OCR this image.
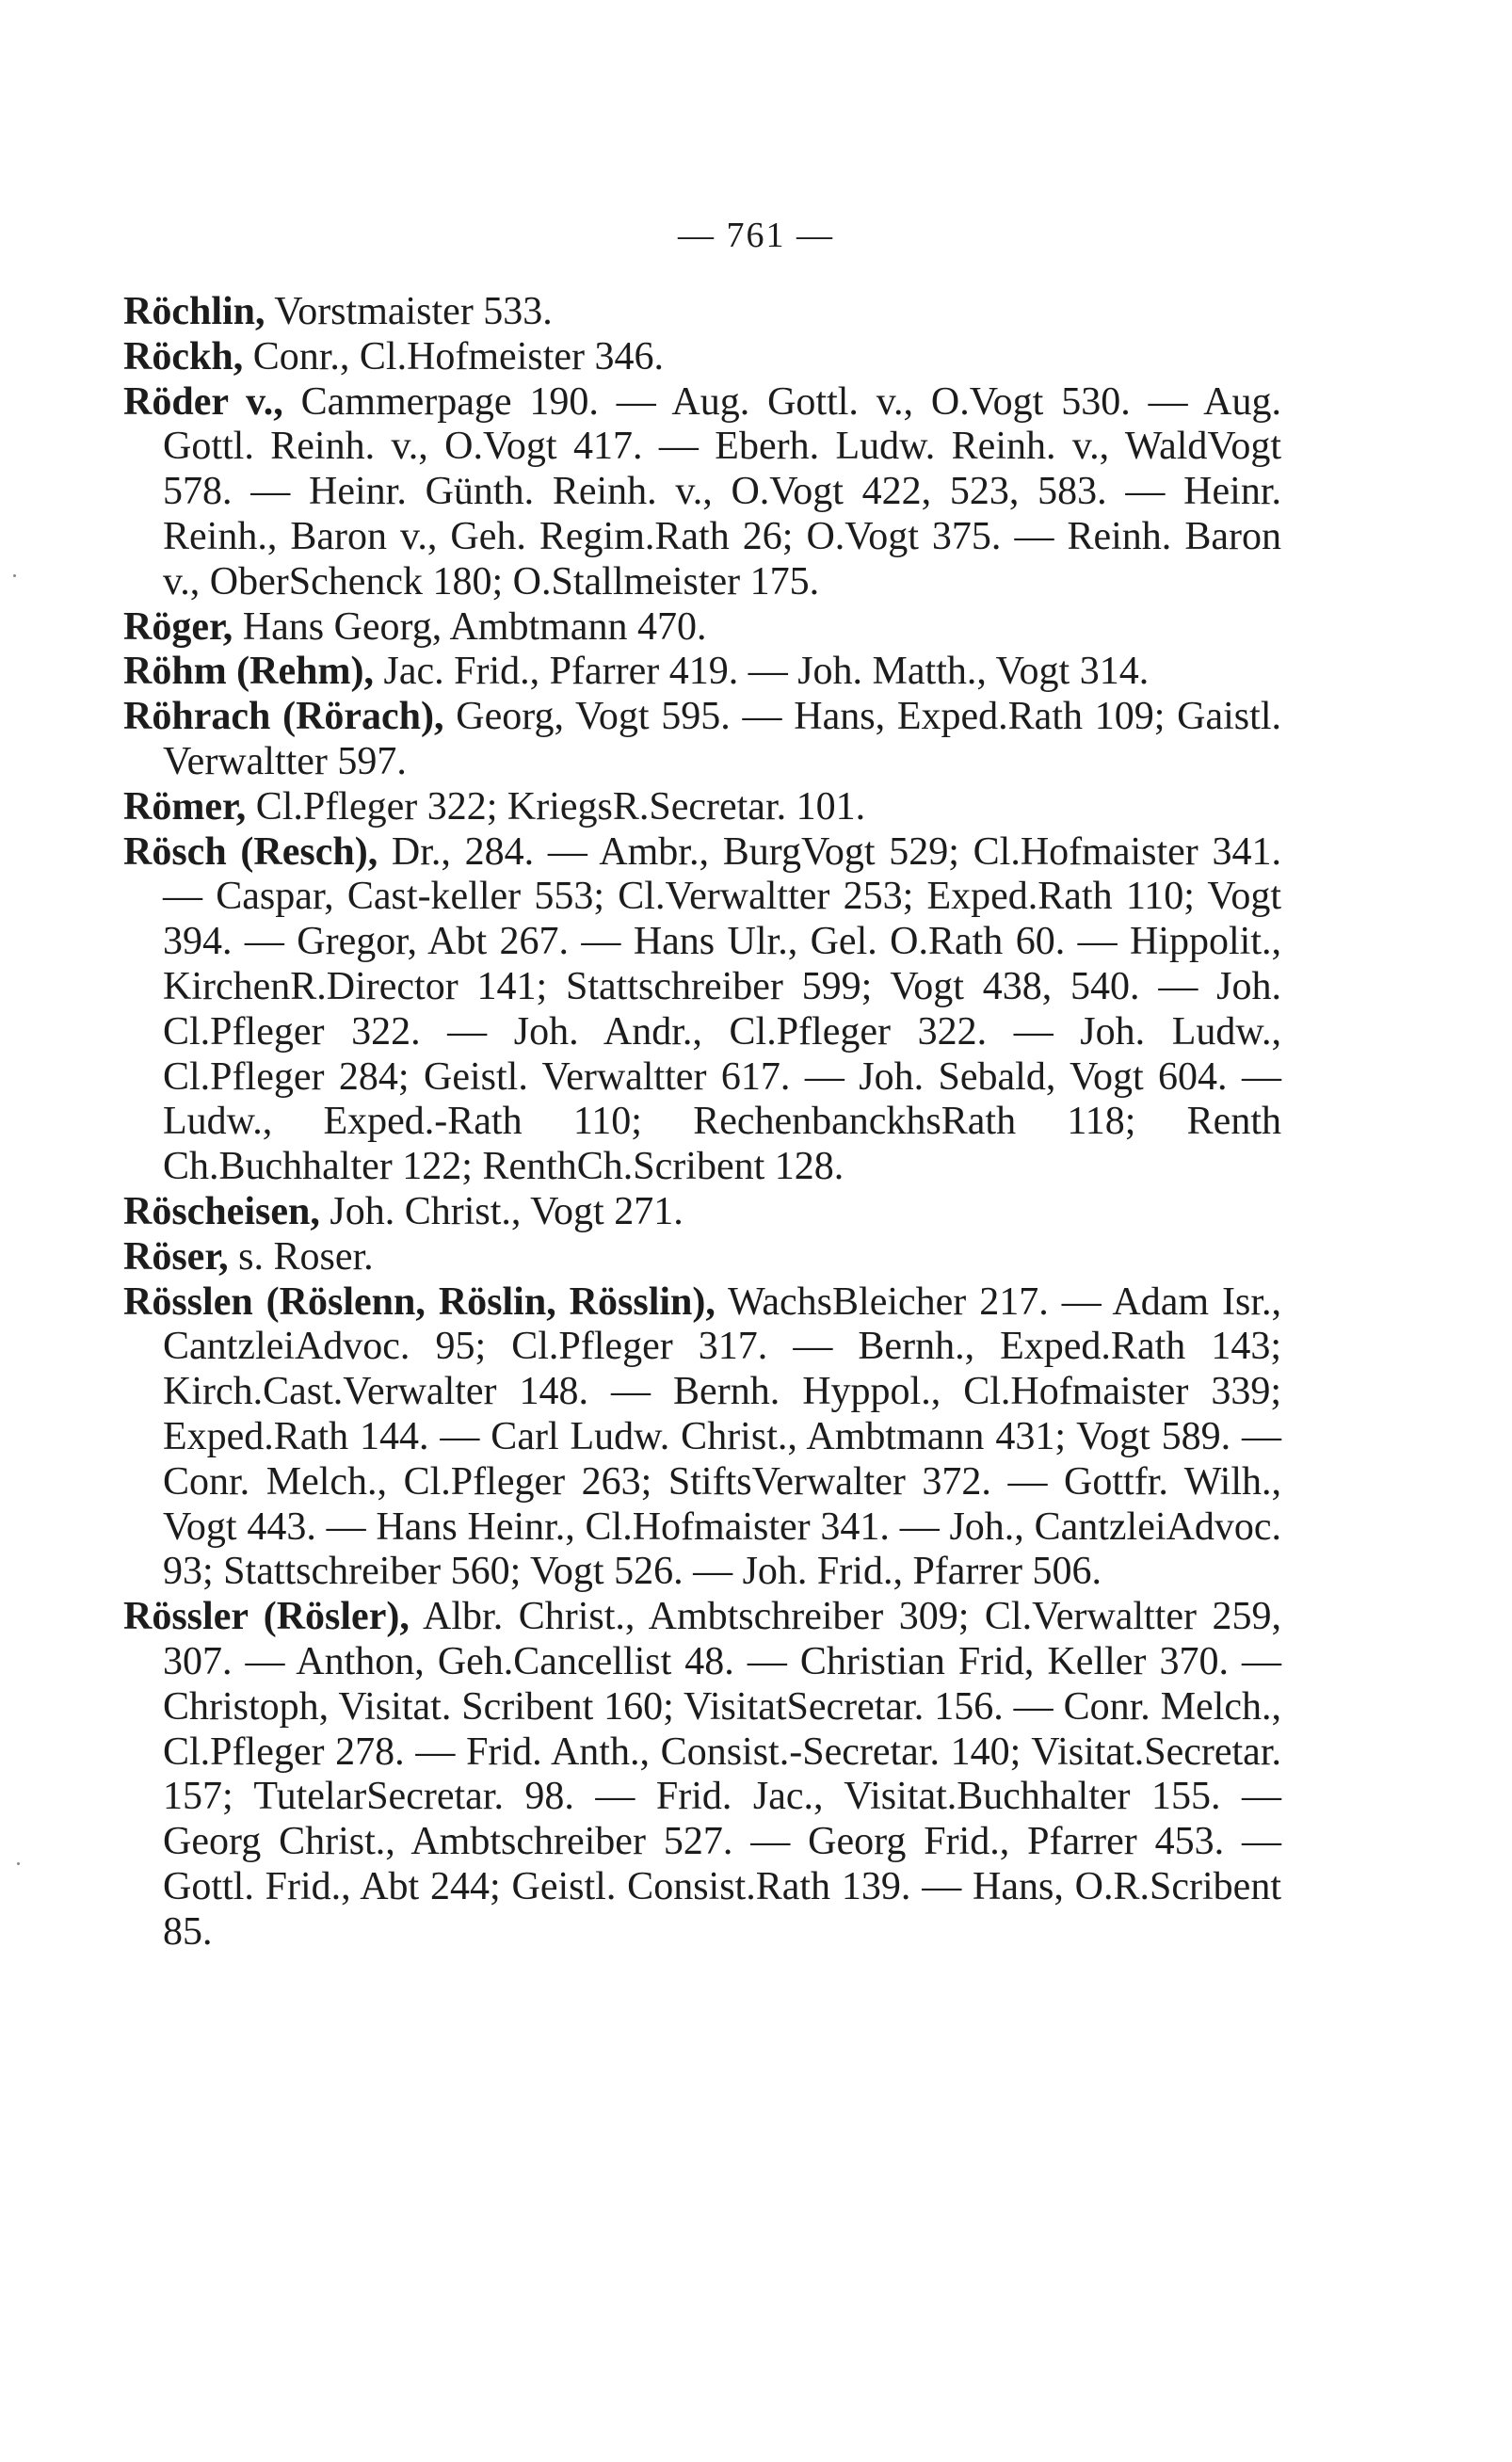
— 761 —

Röchlin, Vorstmaister 533.

Röckh, Conr., Cl.Hofmeister 346.

Röder v., Cammerpage 190. — Aug. Gottl. v., O.Vogt 530. — Aug. Gottl. Reinh. v., O.Vogt 417. — Eberh. Ludw. Reinh. v., WaldVogt 578. — Heinr. Günth. Reinh. v., O.Vogt 422, 523, 583. — Heinr. Reinh., Baron v., Geh. Regim.Rath 26; O.Vogt 375. — Reinh. Baron v., OberSchenck 180; O.Stallmeister 175.

Röger, Hans Georg, Ambtmann 470.

Röhm (Rehm), Jac. Frid., Pfarrer 419. — Joh. Matth., Vogt 314.

Röhrach (Rörach), Georg, Vogt 595. — Hans, Exped.Rath 109; Gaistl. Verwaltter 597.

Römer, Cl.Pfleger 322; KriegsR.Secretar. 101.

Rösch (Resch), Dr., 284. — Ambr., BurgVogt 529; Cl.Hofmaister 341. — Caspar, Cast-keller 553; Cl.Verwaltter 253; Exped.Rath 110; Vogt 394. — Gregor, Abt 267. — Hans Ulr., Gel. O.Rath 60. — Hippolit., KirchenR.Director 141; Stattschreiber 599; Vogt 438, 540. — Joh. Cl.Pfleger 322. — Joh. Andr., Cl.Pfleger 322. — Joh. Ludw., Cl.Pfleger 284; Geistl. Verwaltter 617. — Joh. Sebald, Vogt 604. — Ludw., Exped.-Rath 110; RechenbanckhsRath 118; Renth Ch.Buchhalter 122; RenthCh.Scribent 128.

Röscheisen, Joh. Christ., Vogt 271.

Röser, s. Roser.

Rösslen (Röslenn, Röslin, Rösslin), WachsBleicher 217. — Adam Isr., CantzleiAdvoc. 95; Cl.Pfleger 317. — Bernh., Exped.Rath 143; Kirch.Cast.Verwalter 148. — Bernh. Hyppol., Cl.Hofmaister 339; Exped.Rath 144. — Carl Ludw. Christ., Ambtmann 431; Vogt 589. — Conr. Melch., Cl.Pfleger 263; StiftsVerwalter 372. — Gottfr. Wilh., Vogt 443. — Hans Heinr., Cl.Hofmaister 341. — Joh., CantzleiAdvoc. 93; Stattschreiber 560; Vogt 526. — Joh. Frid., Pfarrer 506.

Rössler (Rösler), Albr. Christ., Ambtschreiber 309; Cl.Verwaltter 259, 307. — Anthon, Geh.Cancellist 48. — Christian Frid, Keller 370. — Christoph, Visitat. Scribent 160; VisitatSecretar. 156. — Conr. Melch., Cl.Pfleger 278. — Frid. Anth., Consist.-Secretar. 140; Visitat.Secretar. 157; TutelarSecretar. 98. — Frid. Jac., Visitat.Buchhalter 155. — Georg Christ., Ambtschreiber 527. — Georg Frid., Pfarrer 453. — Gottl. Frid., Abt 244; Geistl. Consist.Rath 139. — Hans, O.R.Scribent 85.
